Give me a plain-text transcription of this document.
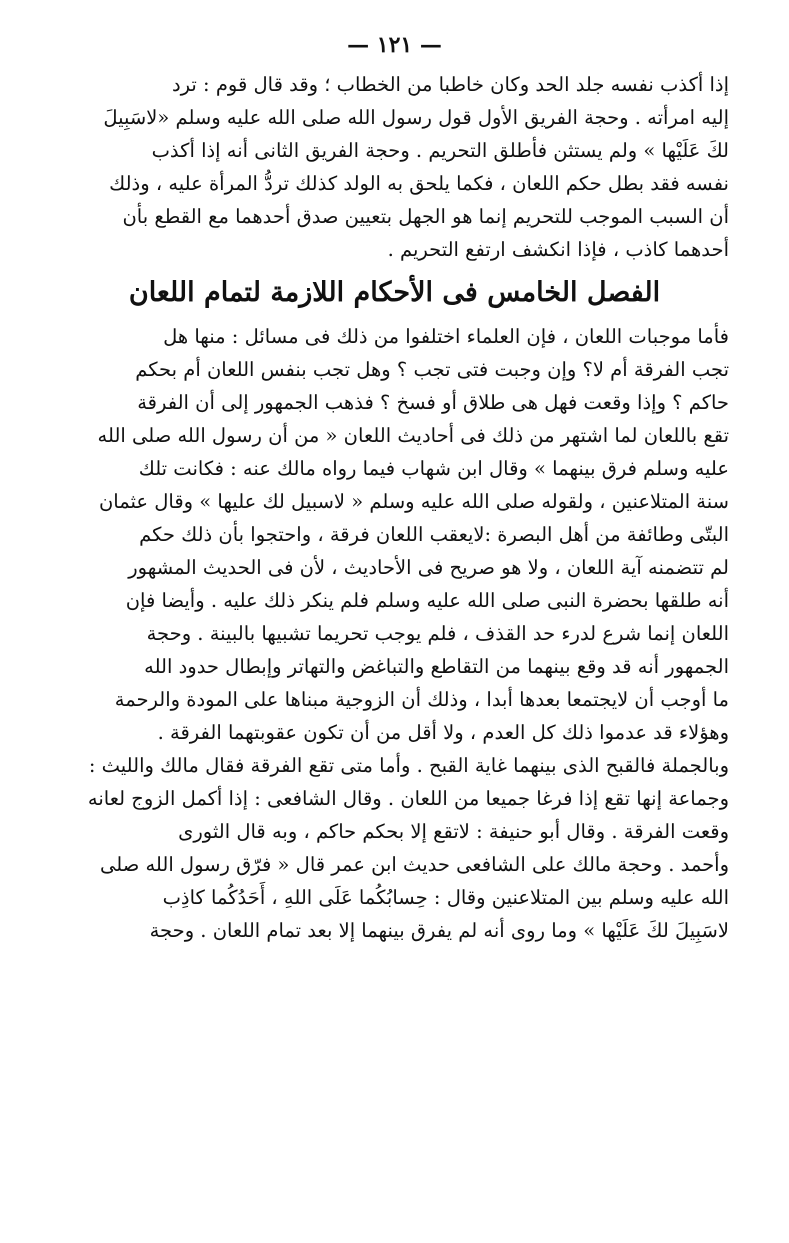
— ١٢١ —
إذا أكذب نفسه جلد الحد وكان خاطبا من الخطاب ؛ وقد قال قوم : ترد
إليه امرأته . وحجة الفريق الأول قول رسول الله صلى الله عليه وسلم «لاسَبِيلَ
لكَ عَلَيْها » ولم يستثن فأطلق التحريم . وحجة الفريق الثانى أنه إذا أكذب
نفسه فقد بطل حكم اللعان ، فكما يلحق به الولد كذلك تردُّ المرأة عليه ، وذلك
أن السبب الموجب للتحريم إنما هو الجهل بتعيين صدق أحدهما مع القطع بأن
أحدهما كاذب ، فإذا انكشف ارتفع التحريم .
الفصل الخامس فى الأحكام اللازمة لتمام اللعان
فأما موجبات اللعان ، فإن العلماء اختلفوا من ذلك فى مسائل : منها هل
تجب الفرقة أم لا؟ وإن وجبت فتى تجب ؟ وهل تجب بنفس اللعان أم بحكم
حاكم ؟ وإذا وقعت فهل هى طلاق أو فسخ ؟ فذهب الجمهور إلى أن الفرقة
تقع باللعان لما اشتهر من ذلك فى أحاديث اللعان « من أن رسول الله صلى الله
عليه وسلم فرق بينهما » وقال ابن شهاب فيما رواه مالك عنه : فكانت تلك
سنة المتلاعنين ، ولقوله صلى الله عليه وسلم « لاسبيل لك عليها » وقال عثمان
البتّى وطائفة من أهل البصرة :لايعقب اللعان فرقة ، واحتجوا بأن ذلك حكم
لم تتضمنه آية اللعان ، ولا هو صريح فى الأحاديث ، لأن فى الحديث المشهور
أنه طلقها بحضرة النبى صلى الله عليه وسلم فلم ينكر ذلك عليه . وأيضا فإن
اللعان إنما شرع لدرء حد القذف ، فلم يوجب تحريما تشبيها بالبينة . وحجة
الجمهور أنه قد وقع بينهما من التقاطع والتباغض والتهاتر وإبطال حدود الله
ما أوجب أن لايجتمعا بعدها أبدا ، وذلك أن الزوجية مبناها على المودة والرحمة
وهؤلاء قد عدموا ذلك كل العدم ، ولا أقل من أن تكون عقوبتهما الفرقة .
وبالجملة فالقبح الذى بينهما غاية القبح . وأما متى تقع الفرقة فقال مالك والليث :
وجماعة إنها تقع إذا فرغا جميعا من اللعان . وقال الشافعى : إذا أكمل الزوج لعانه
وقعت الفرقة . وقال أبو حنيفة : لاتقع إلا بحكم حاكم ، وبه قال الثورى
وأحمد . وحجة مالك على الشافعى حديث ابن عمر قال « فرّق رسول الله صلى
الله عليه وسلم بين المتلاعنين وقال : حِسابُكُما عَلَى اللهِ ، أَحَدُكُما كاذِب
لاسَبِيلَ لكَ عَلَيْها » وما روى أنه لم يفرق بينهما إلا بعد تمام اللعان . وحجة
